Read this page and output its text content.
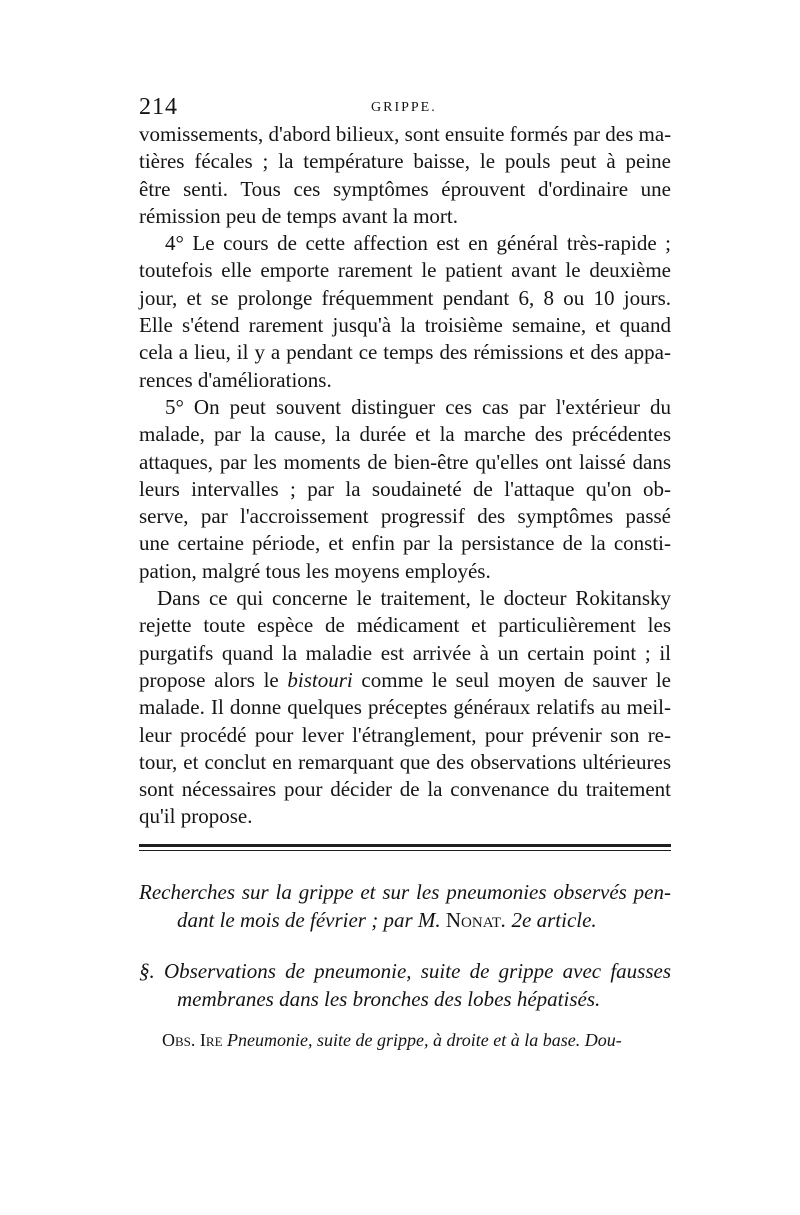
214	GRIPPE.
vomissements, d'abord bilieux, sont ensuite formés par des ma-
tières fécales ; la température baisse, le pouls peut à peine
être senti. Tous ces symptômes éprouvent d'ordinaire une
rémission peu de temps avant la mort.
4° Le cours de cette affection est en général très-rapide ;
toutefois elle emporte rarement le patient avant le deuxième
jour, et se prolonge fréquemment pendant 6, 8 ou 10 jours.
Elle s'étend rarement jusqu'à la troisième semaine, et quand
cela a lieu, il y a pendant ce temps des rémissions et des appa-
rences d'améliorations.
5° On peut souvent distinguer ces cas par l'extérieur du
malade, par la cause, la durée et la marche des précédentes
attaques, par les moments de bien-être qu'elles ont laissé dans
leurs intervalles ; par la soudaineté de l'attaque qu'on ob-
serve, par l'accroissement progressif des symptômes passé
une certaine période, et enfin par la persistance de la consti-
pation, malgré tous les moyens employés.
Dans ce qui concerne le traitement, le docteur Rokitansky
rejette toute espèce de médicament et particulièrement les
purgatifs quand la maladie est arrivée à un certain point ; il
propose alors le bistouri comme le seul moyen de sauver le
malade. Il donne quelques préceptes généraux relatifs au meil-
leur procédé pour lever l'étranglement, pour prévenir son re-
tour, et conclut en remarquant que des observations ultérieures
sont nécessaires pour décider de la convenance du traitement
qu'il propose.
Recherches sur la grippe et sur les pneumonies observés pen-
dant le mois de février ; par M. Nonat. 2e article.
§. Observations de pneumonie, suite de grippe avec fausses
membranes dans les bronches des lobes hépatisés.
Obs. Ire Pneumonie, suite de grippe, à droite et à la base. Dou-
